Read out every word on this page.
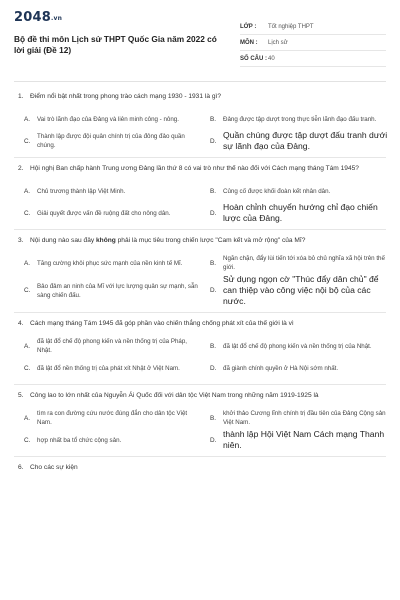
2048.vn
Bộ đề thi môn Lịch sử THPT Quốc Gia năm 2022 có lời giải (Đề 12)
LỚP :	Tốt nghiệp THPT
MÔN :	Lịch sử
SỐ CÂU : 40
1. Điểm nổi bật nhất trong phong trào cách mạng 1930 - 1931 là gì?
A.	Vai trò lãnh đạo của Đảng và liên minh công - nông.	B.	Đảng được tập dượt trong thực tiễn lãnh đạo đấu tranh.
C.
Thành lập được đội quân chính trị của đông đảo quần chúng.
D.
Quần chúng được tập dượt đấu tranh dưới sự lãnh đạo của Đảng.
2. Hội nghị Ban chấp hành Trung ương Đảng lần thứ 8 có vai trò như thế nào đối với Cách mạng tháng Tám 1945?
A.	Chủ trương thành lập Việt Minh.	B.	Củng cố được khối đoàn kết nhân dân.
C.	Giải quyết được vấn đề ruộng đất cho nông dân.	D.
Hoàn chỉnh chuyển hướng chỉ đạo chiến lược của Đảng.
3. Nội dung nào sau đây không phải là mục tiêu trong chiến lược "Cam kết và mở rộng" của Mĩ?
A.	Tăng cường khôi phục sức mạnh của nền kinh tế Mĩ.	B.
Ngăn chặn, đẩy lùi tiến tới xóa bỏ chủ nghĩa xã hội trên thế giới.
C.
Bảo đảm an ninh của Mĩ với lực lượng quân sự mạnh, sẵn sàng chiến đấu.
D.
Sử dụng ngọn cờ "Thúc đẩy dân chủ" để can thiệp vào công việc nội bộ của các nước.
4. Cách mạng tháng Tám 1945 đã góp phần vào chiến thắng chống phát xít của thế giới là vì
A.
đã lật đổ chế độ phong kiến và nền thống trị của Pháp, Nhật.
B.	đã lật đổ chế độ phong kiến và nền thống trị của Nhật.
C.	đã lật đổ nền thống trị của phát xít Nhật ở Việt Nam.	D.	đã giành chính quyền ở Hà Nội sớm nhất.
5. Công lao to lớn nhất của Nguyễn Ái Quốc đối với dân tộc Việt Nam trong những năm 1919-1925 là
A.
tìm ra con đường cứu nước đúng đắn cho dân tộc Việt Nam.
B.
khởi thảo Cương lĩnh chính trị đầu tiên của Đảng Cộng sản Việt Nam.
C.	hợp nhất ba tổ chức cộng sản.	D.
thành lập Hội Việt Nam Cách mạng Thanh niên.
6. Cho các sự kiện
